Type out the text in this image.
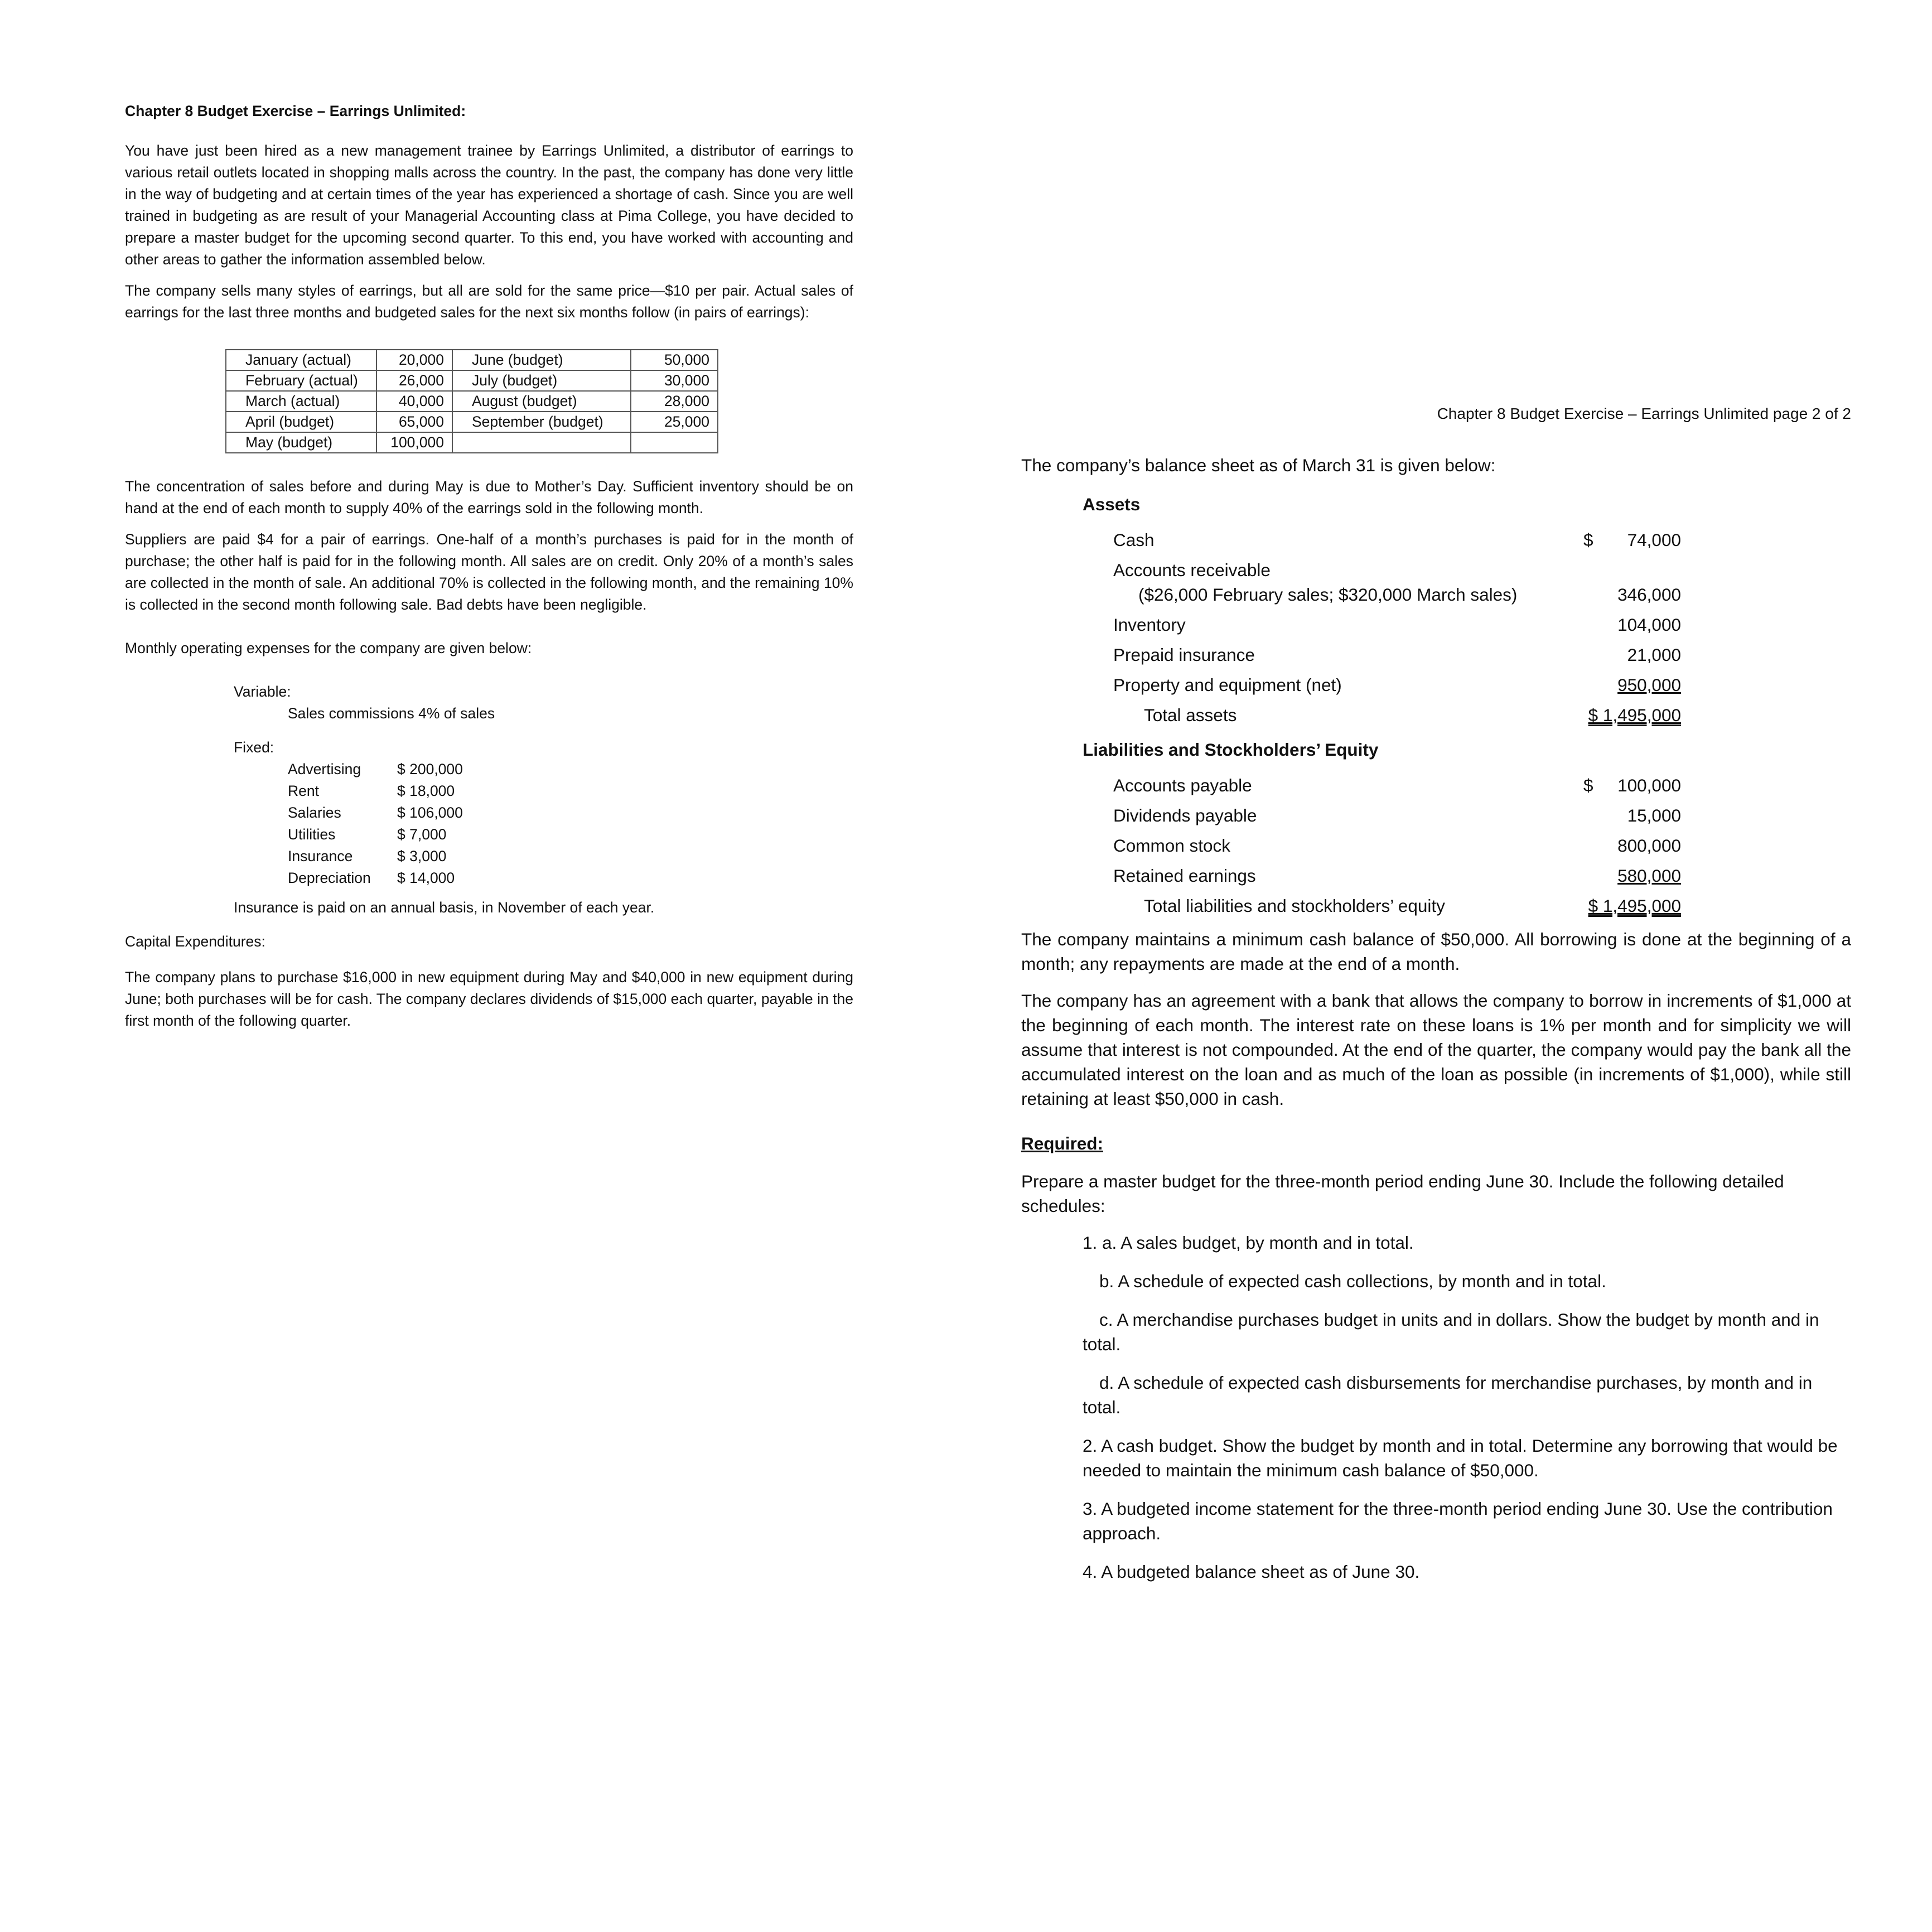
Chapter 8 Budget Exercise – Earrings Unlimited:
You have just been hired as a new management trainee by Earrings Unlimited, a distributor of earrings to various retail outlets located in shopping malls across the country. In the past, the company has done very little in the way of budgeting and at certain times of the year has experienced a shortage of cash. Since you are well trained in budgeting as are result of your Managerial Accounting class at Pima College, you have decided to prepare a master budget for the upcoming second quarter. To this end, you have worked with accounting and other areas to gather the information assembled below.
The company sells many styles of earrings, but all are sold for the same price—$10 per pair. Actual sales of earrings for the last three months and budgeted sales for the next six months follow (in pairs of earrings):
January (actual)	20,000	June (budget)	50,000
February (actual)	26,000	July (budget)	30,000
March (actual)	40,000	August (budget)	28,000
April (budget)	65,000	September (budget)	25,000
May (budget)	100,000		
The concentration of sales before and during May is due to Mother’s Day. Sufficient inventory should be on hand at the end of each month to supply 40% of the earrings sold in the following month.
Suppliers are paid $4 for a pair of earrings. One-half of a month’s purchases is paid for in the month of purchase; the other half is paid for in the following month. All sales are on credit. Only 20% of a month’s sales are collected in the month of sale. An additional 70% is collected in the following month, and the remaining 10% is collected in the second month following sale. Bad debts have been negligible.
Monthly operating expenses for the company are given below:
Variable:
Sales commissions 4% of sales
Fixed:
Advertising	$ 200,000
Rent	$ 18,000
Salaries	$ 106,000
Utilities	$ 7,000
Insurance	$ 3,000
Depreciation	$ 14,000
Insurance is paid on an annual basis, in November of each year.
Capital Expenditures:
The company plans to purchase $16,000 in new equipment during May and $40,000 in new equipment during June; both purchases will be for cash. The company declares dividends of $15,000 each quarter, payable in the first month of the following quarter.
Chapter 8 Budget Exercise – Earrings Unlimited page 2 of 2
The company’s balance sheet as of March 31 is given below:
Assets
Cash	$	74,000
Accounts receivable
($26,000 February sales; $320,000 March sales)	346,000
Inventory	104,000
Prepaid insurance	21,000
Property and equipment (net)	950,000
Total assets	$ 1,495,000
Liabilities and Stockholders’ Equity
Accounts payable	$	100,000
Dividends payable	15,000
Common stock	800,000
Retained earnings	580,000
Total liabilities and stockholders’ equity	$ 1,495,000
The company maintains a minimum cash balance of $50,000. All borrowing is done at the beginning of a month; any repayments are made at the end of a month.
The company has an agreement with a bank that allows the company to borrow in increments of $1,000 at the beginning of each month. The interest rate on these loans is 1% per month and for simplicity we will assume that interest is not compounded. At the end of the quarter, the company would pay the bank all the accumulated interest on the loan and as much of the loan as possible (in increments of $1,000), while still retaining at least $50,000 in cash.
Required:
Prepare a master budget for the three-month period ending June 30. Include the following detailed schedules:
1. a. A sales budget, by month and in total.
b. A schedule of expected cash collections, by month and in total.
c. A merchandise purchases budget in units and in dollars. Show the budget by month and in total.
d. A schedule of expected cash disbursements for merchandise purchases, by month and in total.
2. A cash budget. Show the budget by month and in total. Determine any borrowing that would be needed to maintain the minimum cash balance of $50,000.
3. A budgeted income statement for the three-month period ending June 30. Use the contribution approach.
4. A budgeted balance sheet as of June 30.
